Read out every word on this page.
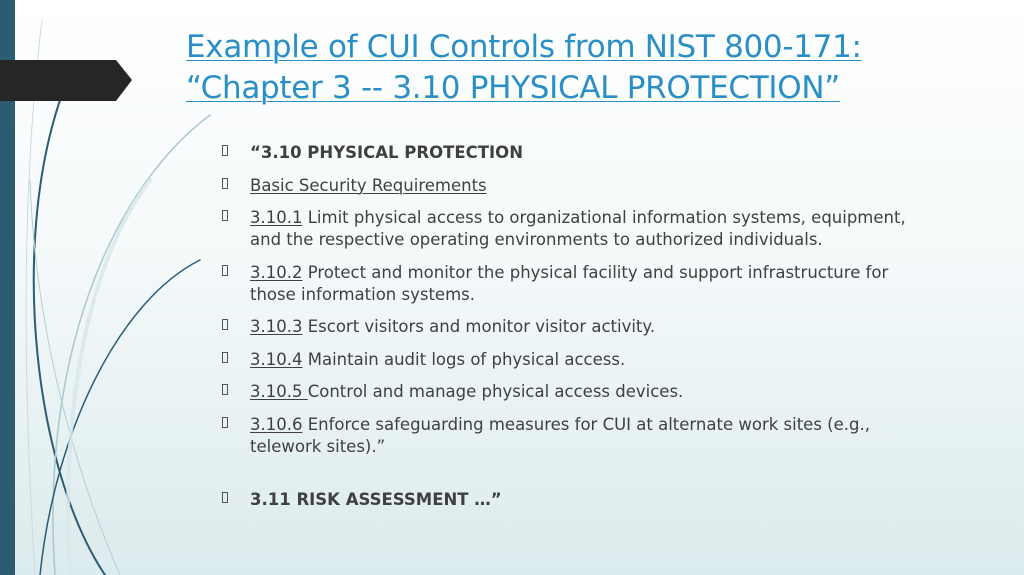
Example of CUI Controls from NIST 800-171:
“Chapter 3 -- 3.10 PHYSICAL PROTECTION”
“3.10 PHYSICAL PROTECTION
Basic Security Requirements
3.10.1 Limit physical access to organizational information systems, equipment, and the respective operating environments to authorized individuals.
3.10.2 Protect and monitor the physical facility and support infrastructure for those information systems.
3.10.3 Escort visitors and monitor visitor activity.
3.10.4 Maintain audit logs of physical access.
3.10.5 Control and manage physical access devices.
3.10.6 Enforce safeguarding measures for CUI at alternate work sites (e.g., telework sites).”
3.11 RISK ASSESSMENT …”
